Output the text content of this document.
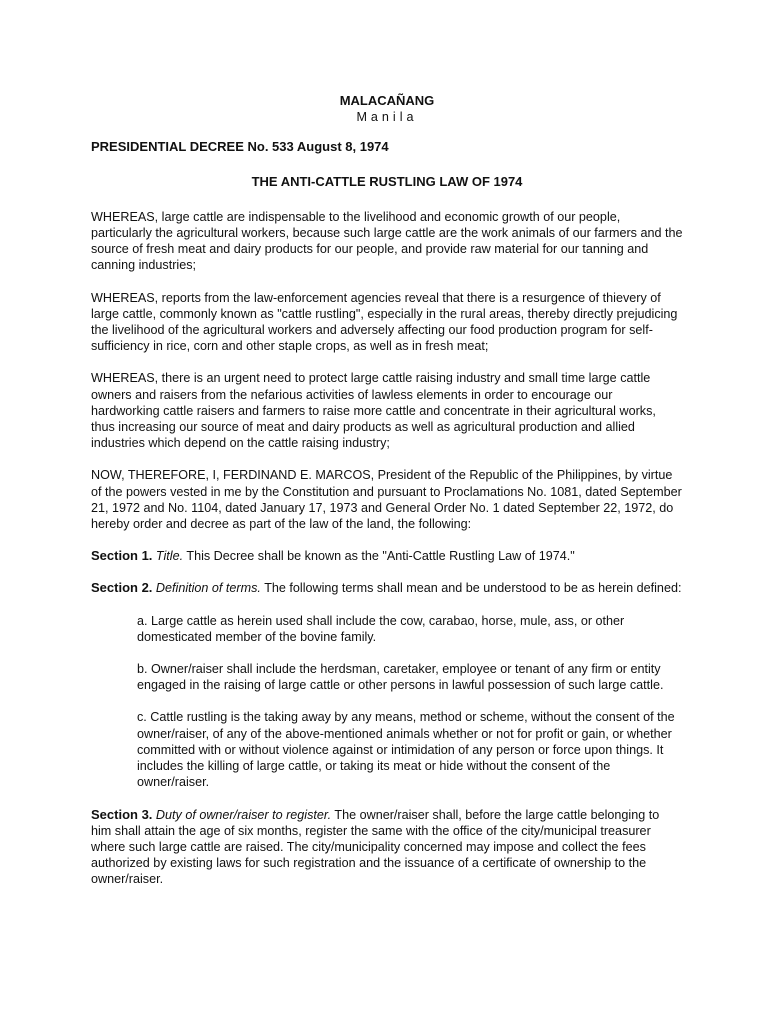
MALACAÑANG
Manila
PRESIDENTIAL DECREE No. 533 August 8, 1974
THE ANTI-CATTLE RUSTLING LAW OF 1974

WHEREAS, large cattle are indispensable to the livelihood and economic growth of our people, particularly the agricultural workers, because such large cattle are the work animals of our farmers and the source of fresh meat and dairy products for our people, and provide raw material for our tanning and canning industries;

WHEREAS, reports from the law-enforcement agencies reveal that there is a resurgence of thievery of large cattle, commonly known as "cattle rustling", especially in the rural areas, thereby directly prejudicing the livelihood of the agricultural workers and adversely affecting our food production program for self-sufficiency in rice, corn and other staple crops, as well as in fresh meat;

WHEREAS, there is an urgent need to protect large cattle raising industry and small time large cattle owners and raisers from the nefarious activities of lawless elements in order to encourage our hardworking cattle raisers and farmers to raise more cattle and concentrate in their agricultural works, thus increasing our source of meat and dairy products as well as agricultural production and allied industries which depend on the cattle raising industry;

NOW, THEREFORE, I, FERDINAND E. MARCOS, President of the Republic of the Philippines, by virtue of the powers vested in me by the Constitution and pursuant to Proclamations No. 1081, dated September 21, 1972 and No. 1104, dated January 17, 1973 and General Order No. 1 dated September 22, 1972, do hereby order and decree as part of the law of the land, the following:

Section 1. Title. This Decree shall be known as the "Anti-Cattle Rustling Law of 1974."

Section 2. Definition of terms. The following terms shall mean and be understood to be as herein defined:

a. Large cattle as herein used shall include the cow, carabao, horse, mule, ass, or other domesticated member of the bovine family.
b. Owner/raiser shall include the herdsman, caretaker, employee or tenant of any firm or entity engaged in the raising of large cattle or other persons in lawful possession of such large cattle.
c. Cattle rustling is the taking away by any means, method or scheme, without the consent of the owner/raiser, of any of the above-mentioned animals whether or not for profit or gain, or whether committed with or without violence against or intimidation of any person or force upon things. It includes the killing of large cattle, or taking its meat or hide without the consent of the owner/raiser.

Section 3. Duty of owner/raiser to register. The owner/raiser shall, before the large cattle belonging to him shall attain the age of six months, register the same with the office of the city/municipal treasurer where such large cattle are raised. The city/municipality concerned may impose and collect the fees authorized by existing laws for such registration and the issuance of a certificate of ownership to the owner/raiser.
